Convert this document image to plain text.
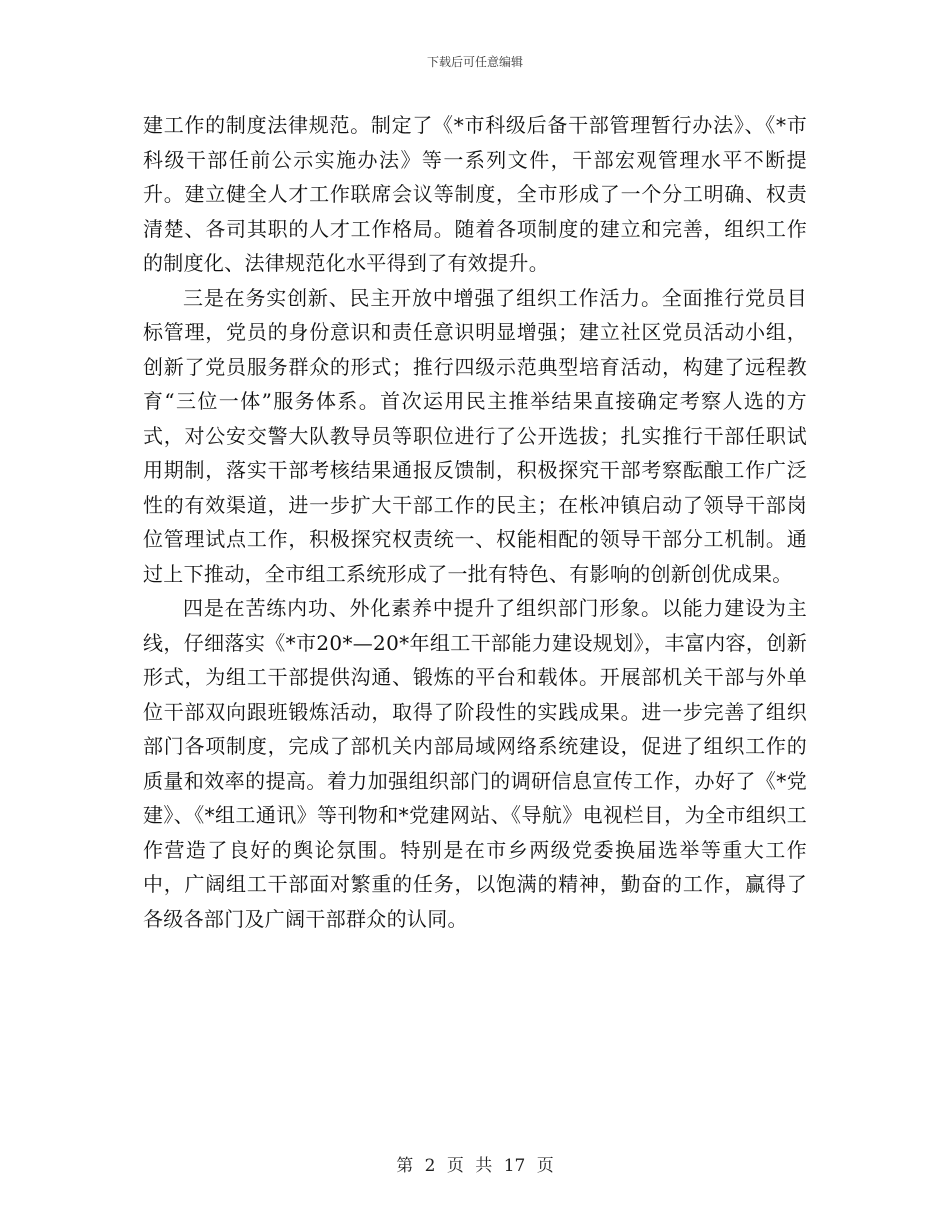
下载后可任意编辑

建工作的制度法律规范。制定了《*市科级后备干部管理暂行办法》、《*市科级干部任前公示实施办法》等一系列文件，干部宏观管理水平不断提升。建立健全人才工作联席会议等制度，全市形成了一个分工明确、权责清楚、各司其职的人才工作格局。随着各项制度的建立和完善，组织工作的制度化、法律规范化水平得到了有效提升。

三是在务实创新、民主开放中增强了组织工作活力。全面推行党员目标管理，党员的身份意识和责任意识明显增强；建立社区党员活动小组，创新了党员服务群众的形式；推行四级示范典型培育活动，构建了远程教育“三位一体”服务体系。首次运用民主推举结果直接确定考察人选的方式，对公安交警大队教导员等职位进行了公开选拔；扎实推行干部任职试用期制，落实干部考核结果通报反馈制，积极探究干部考察酝酿工作广泛性的有效渠道，进一步扩大干部工作的民主；在枨冲镇启动了领导干部岗位管理试点工作，积极探究权责统一、权能相配的领导干部分工机制。通过上下推动，全市组工系统形成了一批有特色、有影响的创新创优成果。

四是在苦练内功、外化素养中提升了组织部门形象。以能力建设为主线，仔细落实《*市20*—20*年组工干部能力建设规划》，丰富内容，创新形式，为组工干部提供沟通、锻炼的平台和载体。开展部机关干部与外单位干部双向跟班锻炼活动，取得了阶段性的实践成果。进一步完善了组织部门各项制度，完成了部机关内部局域网络系统建设，促进了组织工作的质量和效率的提高。着力加强组织部门的调研信息宣传工作，办好了《*党建》、《*组工通讯》等刊物和*党建网站、《导航》电视栏目，为全市组织工作营造了良好的舆论氛围。特别是在市乡两级党委换届选举等重大工作中，广阔组工干部面对繁重的任务，以饱满的精神，勤奋的工作，赢得了各级各部门及广阔干部群众的认同。

第 2 页 共 17 页
